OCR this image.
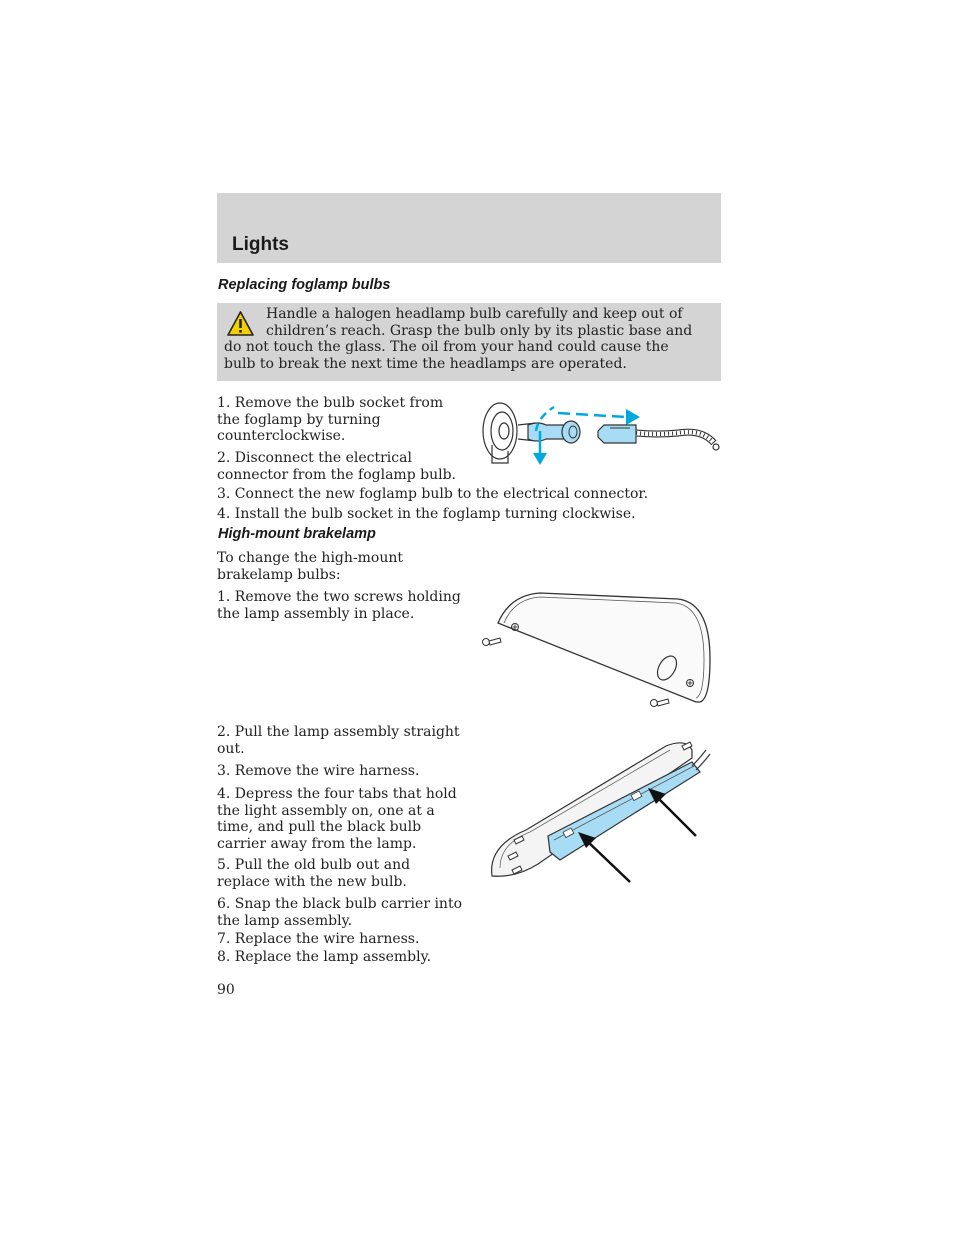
Lights
Replacing foglamp bulbs

Handle a halogen headlamp bulb carefully and keep out of children’s reach. Grasp the bulb only by its plastic base and do not touch the glass. The oil from your hand could cause the bulb to break the next time the headlamps are operated.

1. Remove the bulb socket from the foglamp by turning counterclockwise.

2. Disconnect the electrical connector from the foglamp bulb.

3. Connect the new foglamp bulb to the electrical connector.

4. Install the bulb socket in the foglamp turning clockwise.

High-mount brakelamp

To change the high-mount brakelamp bulbs:

1. Remove the two screws holding the lamp assembly in place.

2. Pull the lamp assembly straight out.

3. Remove the wire harness.

4. Depress the four tabs that hold the light assembly on, one at a time, and pull the black bulb carrier away from the lamp.

5. Pull the old bulb out and replace with the new bulb.

6. Snap the black bulb carrier into the lamp assembly.

7. Replace the wire harness.

8. Replace the lamp assembly.

90
